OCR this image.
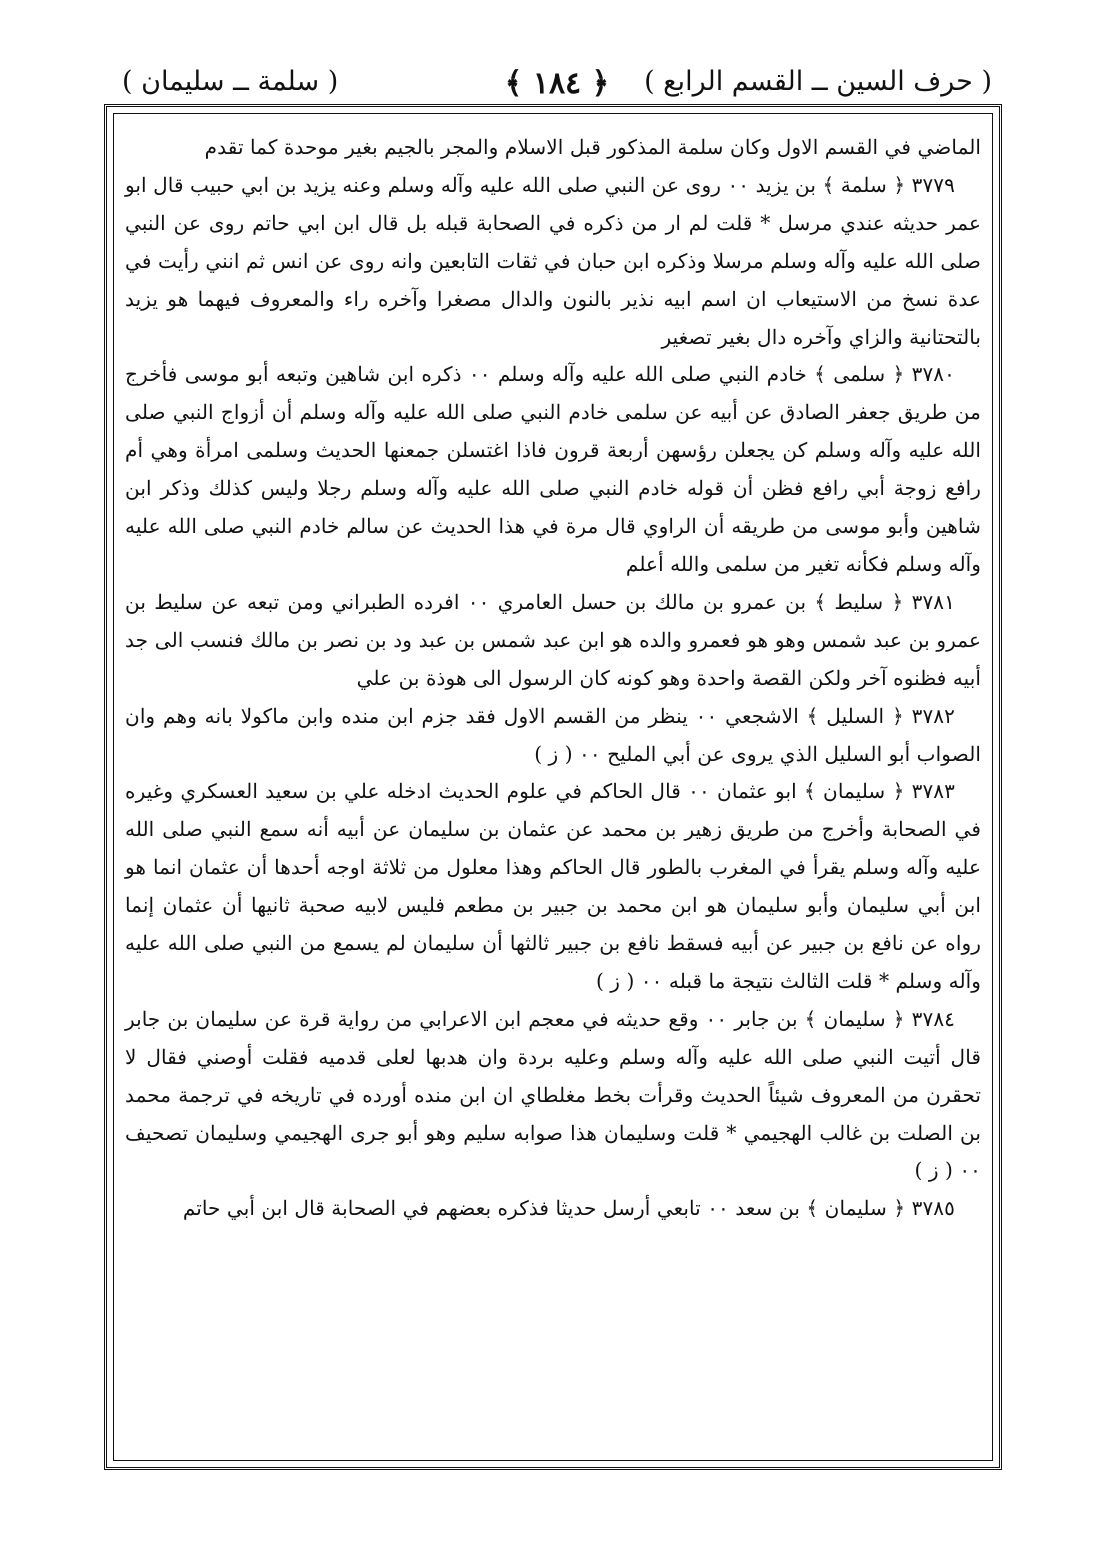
( حرف السين ــ القسم الرابع )
﴿ ١٨٤ ﴾
( سلمة ــ سليمان )

الماضي في القسم الاول وكان سلمة المذكور قبل الاسلام والمجر بالجيم بغير موحدة كما تقدم

٣٧٧٩ ﴿ سلمة ﴾ بن يزيد ٠٠ روى عن النبي صلى الله عليه وآله وسلم وعنه يزيد بن ابي حبيب قال ابو عمر حديثه عندي مرسل * قلت لم ار من ذكره في الصحابة قبله بل قال ابن ابي حاتم روى عن النبي صلى الله عليه وآله وسلم مرسلا وذكره ابن حبان في ثقات التابعين وانه روى عن انس ثم انني رأيت في عدة نسخ من الاستيعاب ان اسم ابيه نذير بالنون والدال مصغرا وآخره راء والمعروف فيهما هو يزيد بالتحتانية والزاي وآخره دال بغير تصغير

٣٧٨٠ ﴿ سلمى ﴾ خادم النبي صلى الله عليه وآله وسلم ٠٠ ذكره ابن شاهين وتبعه أبو موسى فأخرج من طريق جعفر الصادق عن أبيه عن سلمى خادم النبي صلى الله عليه وآله وسلم أن أزواج النبي صلى الله عليه وآله وسلم كن يجعلن رؤسهن أربعة قرون فاذا اغتسلن جمعنها الحديث وسلمى امرأة وهي أم رافع زوجة أبي رافع فظن أن قوله خادم النبي صلى الله عليه وآله وسلم رجلا وليس كذلك وذكر ابن شاهين وأبو موسى من طريقه أن الراوي قال مرة في هذا الحديث عن سالم خادم النبي صلى الله عليه وآله وسلم فكأنه تغير من سلمى والله أعلم

٣٧٨١ ﴿ سليط ﴾ بن عمرو بن مالك بن حسل العامري ٠٠ افرده الطبراني ومن تبعه عن سليط بن عمرو بن عبد شمس وهو هو فعمرو والده هو ابن عبد شمس بن عبد ود بن نصر بن مالك فنسب الى جد أبيه فظنوه آخر ولكن القصة واحدة وهو كونه كان الرسول الى هوذة بن علي

٣٧٨٢ ﴿ السليل ﴾ الاشجعي ٠٠ ينظر من القسم الاول فقد جزم ابن منده وابن ماكولا بانه وهم وان الصواب أبو السليل الذي يروى عن أبي المليح ٠٠ ( ز )

٣٧٨٣ ﴿ سليمان ﴾ ابو عثمان ٠٠ قال الحاكم في علوم الحديث ادخله علي بن سعيد العسكري وغيره في الصحابة وأخرج من طريق زهير بن محمد عن عثمان بن سليمان عن أبيه أنه سمع النبي صلى الله عليه وآله وسلم يقرأ في المغرب بالطور قال الحاكم وهذا معلول من ثلاثة اوجه أحدها أن عثمان انما هو ابن أبي سليمان وأبو سليمان هو ابن محمد بن جبير بن مطعم فليس لابيه صحبة ثانيها أن عثمان إنما رواه عن نافع بن جبير عن أبيه فسقط نافع بن جبير ثالثها أن سليمان لم يسمع من النبي صلى الله عليه وآله وسلم * قلت الثالث نتيجة ما قبله ٠٠ ( ز )

٣٧٨٤ ﴿ سليمان ﴾ بن جابر ٠٠ وقع حديثه في معجم ابن الاعرابي من رواية قرة عن سليمان بن جابر قال أتيت النبي صلى الله عليه وآله وسلم وعليه بردة وان هدبها لعلى قدميه فقلت أوصني فقال لا تحقرن من المعروف شيئاً الحديث وقرأت بخط مغلطاي ان ابن منده أورده في تاريخه في ترجمة محمد بن الصلت بن غالب الهجيمي * قلت وسليمان هذا صوابه سليم وهو أبو جرى الهجيمي وسليمان تصحيف ٠٠ ( ز )

٣٧٨٥ ﴿ سليمان ﴾ بن سعد ٠٠ تابعي أرسل حديثا فذكره بعضهم في الصحابة قال ابن أبي حاتم
